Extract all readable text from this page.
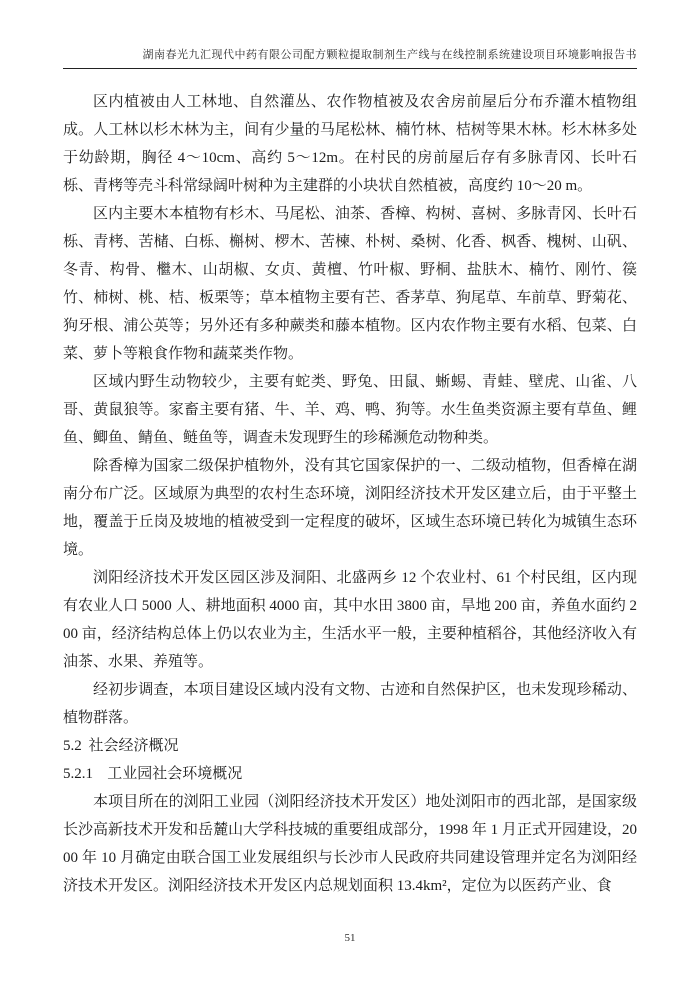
湖南春光九汇现代中药有限公司配方颗粒提取制剂生产线与在线控制系统建设项目环境影响报告书

区内植被由人工林地、自然灌丛、农作物植被及农舍房前屋后分布乔灌木植物组成。人工林以杉木林为主，间有少量的马尾松林、楠竹林、桔树等果木林。杉木林多处于幼龄期，胸径 4～10cm、高约 5～12m。在村民的房前屋后存有多脉青冈、长叶石栎、青栲等壳斗科常绿阔叶树种为主建群的小块状自然植被，高度约 10～20 m。

区内主要木本植物有杉木、马尾松、油茶、香樟、构树、喜树、多脉青冈、长叶石栎、青栲、苦槠、白栎、槲树、椤木、苦楝、朴树、桑树、化香、枫香、槐树、山矾、冬青、构骨、檵木、山胡椒、女贞、黄檀、竹叶椒、野桐、盐肤木、楠竹、刚竹、篌竹、柿树、桃、桔、板栗等；草本植物主要有芒、香茅草、狗尾草、车前草、野菊花、狗牙根、浦公英等；另外还有多种蕨类和藤本植物。区内农作物主要有水稻、包菜、白菜、萝卜等粮食作物和蔬菜类作物。

区域内野生动物较少，主要有蛇类、野兔、田鼠、蜥蜴、青蛙、壁虎、山雀、八哥、黄鼠狼等。家畜主要有猪、牛、羊、鸡、鸭、狗等。水生鱼类资源主要有草鱼、鲤鱼、鲫鱼、鲭鱼、鲢鱼等，调查未发现野生的珍稀濒危动物种类。

除香樟为国家二级保护植物外，没有其它国家保护的一、二级动植物，但香樟在湖南分布广泛。区域原为典型的农村生态环境，浏阳经济技术开发区建立后，由于平整土地，覆盖于丘岗及坡地的植被受到一定程度的破坏，区域生态环境已转化为城镇生态环境。

浏阳经济技术开发区园区涉及洞阳、北盛两乡 12 个农业村、61 个村民组，区内现有农业人口 5000 人、耕地面积 4000 亩，其中水田 3800 亩，旱地 200 亩，养鱼水面约 200 亩，经济结构总体上仍以农业为主，生活水平一般，主要种植稻谷，其他经济收入有油茶、水果、养殖等。

经初步调查，本项目建设区域内没有文物、古迹和自然保护区，也未发现珍稀动、植物群落。

5.2 社会经济概况
5.2.1 工业园社会环境概况

本项目所在的浏阳工业园（浏阳经济技术开发区）地处浏阳市的西北部，是国家级长沙高新技术开发和岳麓山大学科技城的重要组成部分，1998 年 1 月正式开园建设，2000 年 10 月确定由联合国工业发展组织与长沙市人民政府共同建设管理并定名为浏阳经济技术开发区。浏阳经济技术开发区内总规划面积 13.4km²，定位为以医药产业、食

51
